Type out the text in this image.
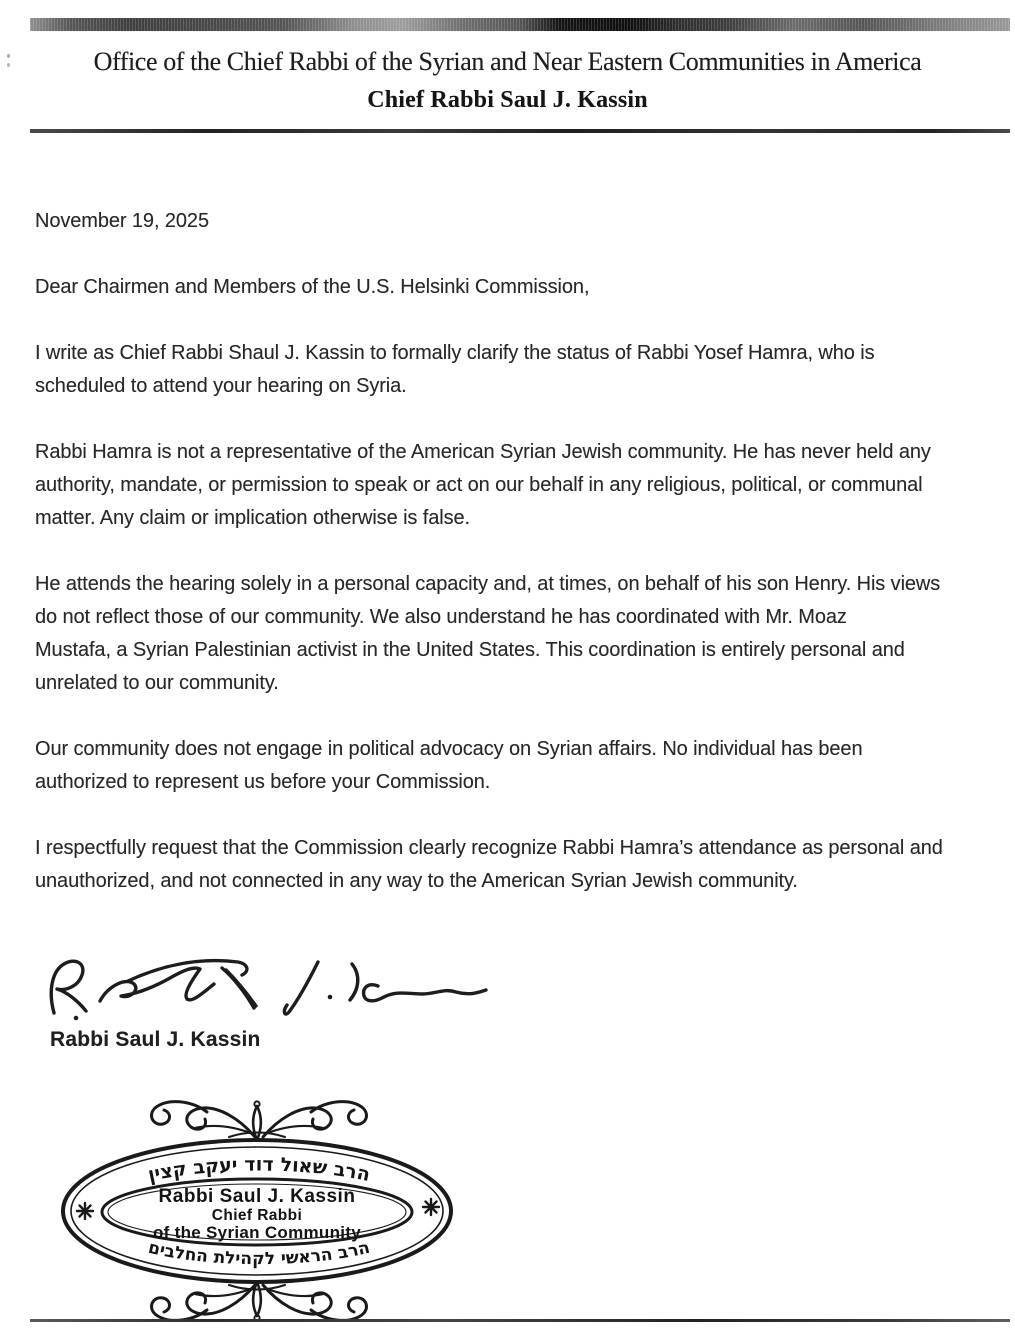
Office of the Chief Rabbi of the Syrian and Near Eastern Communities in America
Chief Rabbi Saul J. Kassin

November 19, 2025

Dear Chairmen and Members of the U.S. Helsinki Commission,

I write as Chief Rabbi Shaul J. Kassin to formally clarify the status of Rabbi Yosef Hamra, who is
scheduled to attend your hearing on Syria.

Rabbi Hamra is not a representative of the American Syrian Jewish community. He has never held any
authority, mandate, or permission to speak or act on our behalf in any religious, political, or communal
matter. Any claim or implication otherwise is false.

He attends the hearing solely in a personal capacity and, at times, on behalf of his son Henry. His views
do not reflect those of our community. We also understand he has coordinated with Mr. Moaz
Mustafa, a Syrian Palestinian activist in the United States. This coordination is entirely personal and
unrelated to our community.

Our community does not engage in political advocacy on Syrian affairs. No individual has been
authorized to represent us before your Commission.

I respectfully request that the Commission clearly recognize Rabbi Hamra’s attendance as personal and
unauthorized, and not connected in any way to the American Syrian Jewish community.

Rabbi Saul J. Kassin
הרב שאול דוד יעקב קצין
הרב הראשי לקהילת החלבים
Rabbi Saul J. Kassin
Chief Rabbi
of the Syrian Community
